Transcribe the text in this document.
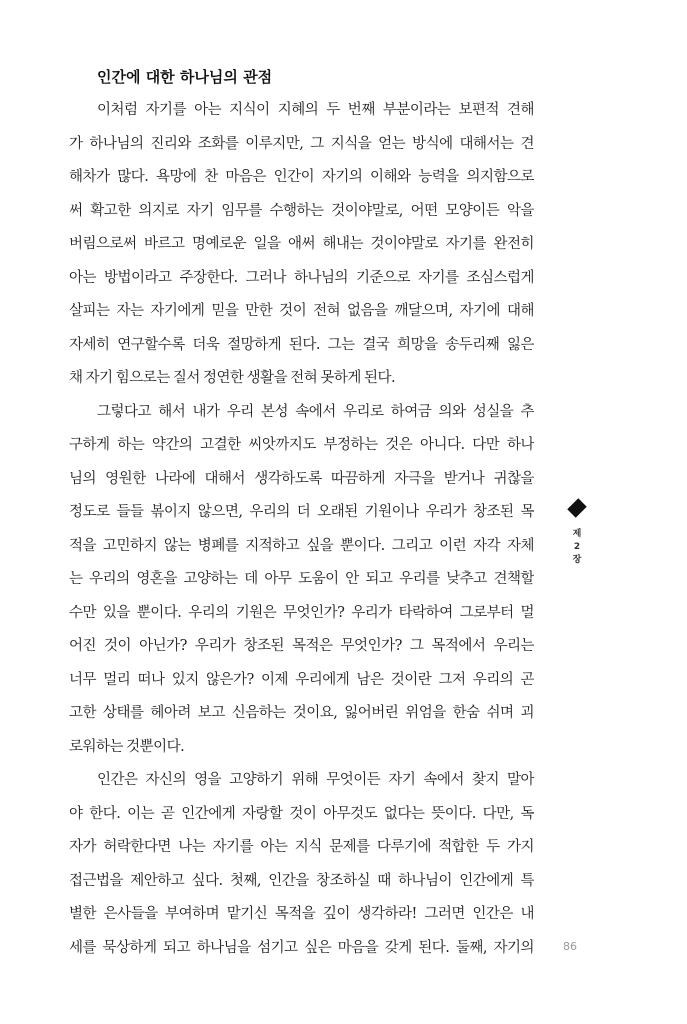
인간에 대한 하나님의 관점
이처럼 자기를 아는 지식이 지혜의 두 번째 부분이라는 보편적 견해
가 하나님의 진리와 조화를 이루지만, 그 지식을 얻는 방식에 대해서는 견
해차가 많다. 욕망에 찬 마음은 인간이 자기의 이해와 능력을 의지함으로
써 확고한 의지로 자기 임무를 수행하는 것이야말로, 어떤 모양이든 악을
버림으로써 바르고 명예로운 일을 애써 해내는 것이야말로 자기를 완전히
아는 방법이라고 주장한다. 그러나 하나님의 기준으로 자기를 조심스럽게
살피는 자는 자기에게 믿을 만한 것이 전혀 없음을 깨달으며, 자기에 대해
자세히 연구할수록 더욱 절망하게 된다. 그는 결국 희망을 송두리째 잃은
채 자기 힘으로는 질서 정연한 생활을 전혀 못하게 된다.
그렇다고 해서 내가 우리 본성 속에서 우리로 하여금 의와 성실을 추
구하게 하는 약간의 고결한 씨앗까지도 부정하는 것은 아니다. 다만 하나
님의 영원한 나라에 대해서 생각하도록 따끔하게 자극을 받거나 귀찮을
정도로 들들 볶이지 않으면, 우리의 더 오래된 기원이나 우리가 창조된 목
적을 고민하지 않는 병폐를 지적하고 싶을 뿐이다. 그리고 이런 자각 자체
는 우리의 영혼을 고양하는 데 아무 도움이 안 되고 우리를 낮추고 견책할
수만 있을 뿐이다. 우리의 기원은 무엇인가? 우리가 타락하여 그로부터 멀
어진 것이 아닌가? 우리가 창조된 목적은 무엇인가? 그 목적에서 우리는
너무 멀리 떠나 있지 않은가? 이제 우리에게 남은 것이란 그저 우리의 곤
고한 상태를 헤아려 보고 신음하는 것이요, 잃어버린 위엄을 한숨 쉬며 괴
로워하는 것뿐이다.
인간은 자신의 영을 고양하기 위해 무엇이든 자기 속에서 찾지 말아
야 한다. 이는 곧 인간에게 자랑할 것이 아무것도 없다는 뜻이다. 다만, 독
자가 허락한다면 나는 자기를 아는 지식 문제를 다루기에 적합한 두 가지
접근법을 제안하고 싶다. 첫째, 인간을 창조하실 때 하나님이 인간에게 특
별한 은사들을 부여하며 맡기신 목적을 깊이 생각하라! 그러면 인간은 내
세를 묵상하게 되고 하나님을 섬기고 싶은 마음을 갖게 된다. 둘째, 자기의
제
2
장
86
